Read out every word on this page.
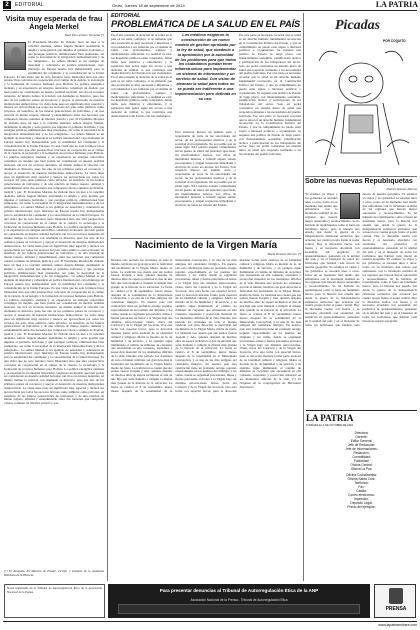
2	EDITORIAL	Oruro, Jueves 18 de septiembre de 2014	LA PATRIA
Visita muy esperada de frau Ángela Merkel
Raúl Pino-Ichazo Terrazas (*)
El Presidente Morales ha visitado hace un mes a la canciller alemana, señora Ángela Merkel, atendiendo la amplia y seria gestión que impulsa el gobierno boliviano y que persigue políticas, eliminaciones bien planteadas, así como la necesidad de la integración latinoamericana y de los refugiados... La señora Merkel es un ejemplo de tenacidad y coherencia en política internacional, cuyo liderazgo en Europa resulta hoy indispensable para la estabilidad del continente y la consolidación de la Unión Europea. Es una visita que no solo fortalece lazos bilaterales sino que abre perspectivas concretas de cooperación en el campo de la ciencia, la tecnología y la formación de recursos humanos para Bolivia. La política energética alemana y su experiencia en energías renovables constituye un modelo que bien podría ser considerado en nuestra realidad nacional, tan rica en recursos naturales. Al mismo tiempo la relación con Alemania es histórica, pues fue uno de los primeros países en reconocer y apoyar el desarrollo de nuestras instituciones democráticas. La visita tiene pues un significado muy especial y merece ser aprovechada por todos los sectores del país, tanto públicos como privados, en beneficio de las futuras generaciones de bolivianos y de una relación de mutuo respeto, amistad y entendimiento entre dos naciones que comparten valores comunes de libertad, justicia y paz. El Presidente Morales ha visitado hace un mes a la canciller alemana, señora Ángela Merkel, atendiendo la amplia y seria gestión que impulsa el gobierno boliviano y que persigue políticas, eliminaciones bien planteadas, así como la necesidad de la integración latinoamericana y de los refugiados... La señora Merkel es un ejemplo de tenacidad y coherencia en política internacional, cuyo liderazgo en Europa resulta hoy indispensable para la estabilidad del continente y la consolidación de la Unión Europea. Es una visita que no solo fortalece lazos bilaterales sino que abre perspectivas concretas de cooperación en el campo de la ciencia, la tecnología y la formación de recursos humanos para Bolivia. La política energética alemana y su experiencia en energías renovables constituye un modelo que bien podría ser considerado en nuestra realidad nacional, tan rica en recursos naturales. Al mismo tiempo la relación con Alemania es histórica, pues fue uno de los primeros países en reconocer y apoyar el desarrollo de nuestras instituciones democráticas. La visita tiene pues un significado muy especial y merece ser aprovechada por todos los sectores del país, tanto públicos como privados, en beneficio de las futuras generaciones de bolivianos y de una relación de mutuo respeto, amistad y entendimiento entre dos naciones que comparten valores comunes de libertad, justicia y paz. El Presidente Morales ha visitado hace un mes a la canciller alemana, señora Ángela Merkel, atendiendo la amplia y seria gestión que impulsa el gobierno boliviano y que persigue políticas, eliminaciones bien planteadas, así como la necesidad de la integración latinoamericana y de los refugiados... La señora Merkel es un ejemplo de tenacidad y coherencia en política internacional, cuyo liderazgo en Europa resulta hoy indispensable para la estabilidad del continente y la consolidación de la Unión Europea. Es una visita que no solo fortalece lazos bilaterales sino que abre perspectivas concretas de cooperación en el campo de la ciencia, la tecnología y la formación de recursos humanos para Bolivia. La política energética alemana y su experiencia en energías renovables constituye un modelo que bien podría ser considerado en nuestra realidad nacional, tan rica en recursos naturales. Al mismo tiempo la relación con Alemania es histórica, pues fue uno de los primeros países en reconocer y apoyar el desarrollo de nuestras instituciones democráticas. La visita tiene pues un significado muy especial y merece ser aprovechada por todos los sectores del país, tanto públicos como privados, en beneficio de las futuras generaciones de bolivianos y de una relación de mutuo respeto, amistad y entendimiento entre dos naciones que comparten valores comunes de libertad, justicia y paz. El Presidente Morales ha visitado hace un mes a la canciller alemana, señora Ángela Merkel, atendiendo la amplia y seria gestión que impulsa el gobierno boliviano y que persigue políticas, eliminaciones bien planteadas, así como la necesidad de la integración latinoamericana y de los refugiados... La señora Merkel es un ejemplo de tenacidad y coherencia en política internacional, cuyo liderazgo en Europa resulta hoy indispensable para la estabilidad del continente y la consolidación de la Unión Europea. Es una visita que no solo fortalece lazos bilaterales sino que abre perspectivas concretas de cooperación en el campo de la ciencia, la tecnología y la formación de recursos humanos para Bolivia. La política energética alemana y su experiencia en energías renovables constituye un modelo que bien podría ser considerado en nuestra realidad nacional, tan rica en recursos naturales. Al mismo tiempo la relación con Alemania es histórica, pues fue uno de los primeros países en reconocer y apoyar el desarrollo de nuestras instituciones democráticas. La visita tiene pues un significado muy especial y merece ser aprovechada por todos los sectores del país, tanto públicos como privados, en beneficio de las futuras generaciones de bolivianos y de una relación de mutuo respeto, amistad y entendimiento entre dos naciones que comparten valores comunes de libertad, justicia y paz. El Presidente Morales ha visitado hace un mes a la canciller alemana, señora Ángela Merkel, atendiendo la amplia y seria gestión que impulsa el gobierno boliviano y que persigue políticas, eliminaciones bien planteadas, así como la necesidad de la integración latinoamericana y de los refugiados... La señora Merkel es un ejemplo de tenacidad y coherencia en política internacional, cuyo liderazgo en Europa resulta hoy indispensable para la estabilidad del continente y la consolidación de la Unión Europea. Es una visita que no solo fortalece lazos bilaterales sino que abre perspectivas concretas de cooperación en el campo de la ciencia, la tecnología y la formación de recursos humanos para Bolivia. La política energética alemana y su experiencia en energías renovables constituye un modelo que bien podría ser considerado en nuestra realidad nacional, tan rica en recursos naturales. Al mismo tiempo la relación con Alemania es histórica, pues fue uno de los primeros países en reconocer y apoyar el desarrollo de nuestras instituciones democráticas. La visita tiene pues un significado muy especial y merece ser aprovechada por todos los sectores del país, tanto públicos como privados, en beneficio de las futuras generaciones de bolivianos y de una relación de mutuo respeto, amistad y entendimiento entre dos naciones que comparten valores comunes de libertad, justicia y paz.
(*) Es Abogado, Ex Ministro de Estado, escritor y miembro de la Academia Boliviana de la Historia.
EDITORIAL
PROBLEMÁTICA DE LA SALUD EN EL PAÍS
En el año presente la atención de la salud en el país es un tema complejo, si se entiende que una prestación es muy necesaria e imperiosa y con tendencias a ser cubiertas por el sistema de salud, con profesionales, equipos y medicamentos suficientes. La realidad es otra: los hospitales públicos están colapsados, faltan ítems para médicos y enfermeras, y la población más pobre sigue sin acceso a una atención de calidad, lo que constituye una deuda histórica del Estado con sus ciudadanos. En el año presente la atención de la salud en el país es un tema complejo, si se entiende que una prestación es muy necesaria e imperiosa y con tendencias a ser cubiertas por el sistema de salud, con profesionales, equipos y medicamentos suficientes. La realidad es otra: los hospitales públicos están colapsados, faltan ítems para médicos y enfermeras, y la población más pobre sigue sin acceso a una atención de calidad, lo que constituye una deuda histórica del Estado con sus ciudadanos.
Los médicos exigieron la construcción de un nuevo modelo de gestión aprobado por la ley de salud, que obedeció a la aprobación por la autoridad de los problemas para que todos los ciudadanos puedan tener infraestructura para implementar un sistema de información y un servicio de salud. Con visión de alcanzar la salud para todos no se pueda ser indiferente a una implementación pero definida en su uso.
Esta situación merece un análisis serio y responsable de parte de las autoridades del sector, de los profesionales médicos y de la sociedad civil organizada. No es posible que en pleno siglo XXI todavía existan comunidades sin un puesto de salud, sin personal capacitado, sin medicamentos básicos. Las cifras de mortalidad materna e infantil siguen siendo preocupantes y exigen respuestas inmediatas y efectivas de todos los niveles del Estado. Esta situación merece un análisis serio y responsable de parte de las autoridades del sector, de los profesionales médicos y de la sociedad civil organizada. No es posible que en pleno siglo XXI todavía existan comunidades sin un puesto de salud, sin personal capacitado, sin medicamentos básicos. Las cifras de mortalidad materna e infantil siguen siendo preocupantes y exigen respuestas inmediatas y efectivas de todos los niveles del Estado.
Por otra parte es necesario recordar que la salud es un derecho humano fundamental reconocido en la Constitución Política del Estado, y que su cumplimiento no puede estar sujeto a intereses políticos o coyunturales. Se requiere una política de Estado de largo plazo, con financiamiento sostenible, planificación técnica y participación de los trabajadores del sector. Solo así podrá construirse un sistema único de salud que responda realmente a las necesidades del pueblo boliviano. Por otra parte es necesario recordar que la salud es un derecho humano fundamental reconocido en la Constitución Política del Estado, y que su cumplimiento no puede estar sujeto a intereses políticos o coyunturales. Se requiere una política de Estado de largo plazo, con financiamiento sostenible, planificación técnica y participación de los trabajadores del sector. Solo así podrá construirse un sistema único de salud que responda realmente a las necesidades del pueblo boliviano. Por otra parte es necesario recordar que la salud es un derecho humano fundamental reconocido en la Constitución Política del Estado, y que su cumplimiento no puede estar sujeto a intereses políticos o coyunturales. Se requiere una política de Estado de largo plazo, con financiamiento sostenible, planificación técnica y participación de los trabajadores del sector. Solo así podrá construirse un sistema único de salud que responda realmente a las necesidades del pueblo boliviano.
Picadas
POR COQUITO
Sobre las nuevas Republiquetas
Ramiro Ramos Ramos
Ya estamos ya viejos y los gobiernos se suceden unos a otros, todos en su momento han tenido que enfrentarse con la incómoda realidad de las regiones que buscan mayor autonomía y reconocimiento. Se ha hablado de republiquetas como si fuera un fenómeno nuevo, pero la historia nos enseña que desde la guerra de la independencia existieron territorios que actuaron por cuenta propia frente al poder central. Hoy la discusión vuelve con fuerza y es necesario abordarla con serenidad, sin prejuicios ni apasionamientos, pensando en la unidad del país y en el bienestar de todos los bolivianos que habitan cada rincón de nuestra geografía. Ya estamos ya viejos y los gobiernos se suceden unos a otros, todos en su momento han tenido que enfrentarse con la incómoda realidad de las regiones que buscan mayor autonomía y reconocimiento. Se ha hablado de republiquetas como si fuera un fenómeno nuevo, pero la historia nos enseña que desde la guerra de la independencia existieron territorios que actuaron por cuenta propia frente al poder central. Hoy la discusión vuelve con fuerza y es necesario abordarla con serenidad, sin prejuicios ni apasionamientos, pensando en la unidad del país y en el bienestar de todos los bolivianos que habitan cada rincón de nuestra geografía. Ya estamos ya viejos y los gobiernos se suceden unos a otros, todos en su momento han tenido que enfrentarse con la incómoda realidad de las regiones que buscan mayor autonomía y reconocimiento. Se ha hablado de republiquetas como si fuera un fenómeno nuevo, pero la historia nos enseña que desde la guerra de la independencia existieron territorios que actuaron por cuenta propia frente al poder central. Hoy la discusión vuelve con fuerza y es necesario abordarla con serenidad, sin prejuicios ni apasionamientos, pensando en la unidad del país y en el bienestar de todos los bolivianos que habitan cada rincón de nuestra geografía. Ya estamos ya viejos y los gobiernos se suceden unos a otros, todos en su momento han tenido que enfrentarse con la incómoda realidad de las regiones que buscan mayor autonomía y reconocimiento. Se ha hablado de republiquetas como si fuera un fenómeno nuevo, pero la historia nos enseña que desde la guerra de la independencia existieron territorios que actuaron por cuenta propia frente al poder central. Hoy la discusión vuelve con fuerza y es necesario abordarla con serenidad, sin prejuicios ni apasionamientos, pensando en la unidad del país y en el bienestar de todos los bolivianos que habitan cada rincón de nuestra geografía.
Nacimiento de la Virgen María
Maria Rosario Alcocer (*)
Durante este período los cristianos en todo el mundo celebran con gran devoción la festividad del nacimiento de la Virgen María, madre de Jesús. La tradición nos cuenta que sus padres fueron Joaquín y Ana, quienes después de muchos años de espera recibieron el don de una hija que sería llamada a cumplir la misión más grande de la historia de la salvación. La fiesta se celebra el 8 de septiembre, nueve meses después de la solemnidad de la Inmaculada Concepción, y es una de las más antiguas del calendario litúrgico. En nuestro país esta celebración tiene un profundo arraigo popular, especialmente en los pueblos del altiplano y los valles, donde se organizan procesiones, misas y fiestas patronales en honor a la Virgen bajo sus distintas advocaciones. Oruro, tierra del Carnaval y de la Virgen del Socavón, vive esta fecha con especial fervor, pues la devoción mariana forma parte esencial de su identidad cultural y religiosa. María es modelo de fe, de humildad y de servicio, y su ejemplo sigue iluminando el camino de millones de creyentes que encuentran en ella consuelo, esperanza y protección maternal en los momentos difíciles de la vida. Durante este período los cristianos en todo el mundo celebran con gran devoción la festividad del nacimiento de la Virgen María, madre de Jesús. La tradición nos cuenta que sus padres fueron Joaquín y Ana, quienes después de muchos años de espera recibieron el don de una hija que sería llamada a cumplir la misión más grande de la historia de la salvación. La fiesta se celebra el 8 de septiembre, nueve meses después de la solemnidad de la Inmaculada Concepción, y es una de las más antiguas del calendario litúrgico. En nuestro país esta celebración tiene un profundo arraigo popular, especialmente en los pueblos del altiplano y los valles, donde se organizan procesiones, misas y fiestas patronales en honor a la Virgen bajo sus distintas advocaciones. Oruro, tierra del Carnaval y de la Virgen del Socavón, vive esta fecha con especial fervor, pues la devoción mariana forma parte esencial de su identidad cultural y religiosa. María es modelo de fe, de humildad y de servicio, y su ejemplo sigue iluminando el camino de millones de creyentes que encuentran en ella consuelo, esperanza y protección maternal en los momentos difíciles de la vida. Durante este período los cristianos en todo el mundo celebran con gran devoción la festividad del nacimiento de la Virgen María, madre de Jesús. La tradición nos cuenta que sus padres fueron Joaquín y Ana, quienes después de muchos años de espera recibieron el don de una hija que sería llamada a cumplir la misión más grande de la historia de la salvación. La fiesta se celebra el 8 de septiembre, nueve meses después de la solemnidad de la Inmaculada Concepción, y es una de las más antiguas del calendario litúrgico. En nuestro país esta celebración tiene un profundo arraigo popular, especialmente en los pueblos del altiplano y los valles, donde se organizan procesiones, misas y fiestas patronales en honor a la Virgen bajo sus distintas advocaciones. Oruro, tierra del Carnaval y de la Virgen del Socavón, vive esta fecha con especial fervor, pues la devoción mariana forma parte esencial de su identidad cultural y religiosa. María es modelo de fe, de humildad y de servicio, y su ejemplo sigue iluminando el camino de millones de creyentes que encuentran en ella consuelo, esperanza y protección maternal en los momentos difíciles de la vida. Durante este período los cristianos en todo el mundo celebran con gran devoción la festividad del nacimiento de la Virgen María, madre de Jesús. La tradición nos cuenta que sus padres fueron Joaquín y Ana, quienes después de muchos años de espera recibieron el don de una hija que sería llamada a cumplir la misión más grande de la historia de la salvación. La fiesta se celebra el 8 de septiembre, nueve meses después de la solemnidad de la Inmaculada Concepción, y es una de las más antiguas del calendario litúrgico. En nuestro país esta celebración tiene un profundo arraigo popular, especialmente en los pueblos del altiplano y los valles, donde se organizan procesiones, misas y fiestas patronales en honor a la Virgen bajo sus distintas advocaciones. Oruro, tierra del Carnaval y de la Virgen del Socavón, vive esta fecha con especial fervor, pues la devoción mariana forma parte esencial de su identidad cultural y religiosa. María es modelo de fe, de humildad y de servicio, y su ejemplo sigue iluminando el camino de millones de creyentes que encuentran en ella consuelo, esperanza y protección maternal en los momentos difíciles de la vida. (*) Es religiosa de la congregación de Hermanas Dominicas.
LA PATRIA
FUNDADA EL 4 DE OCTUBRE DE 1919
Directora:
Gerente:
Editor General:
Jefe de Redacción:
Jefe de Informaciones:
Redacción:
Contabilidad:
Publicidad:
Oficina Central:
Oficina La Paz:
Oficina Cochabamba:
Oficina Santa Cruz:
Teléfonos:
Fax:
Casilla:
Correo electrónico:
Impresión:
Depósito Legal:
Precio del ejemplar:
Para presentar denuncias al Tribunal de Autorregulación Ética de la ANP
Asociación Nacional de la Prensa - Tribunal de Autorregulación Ética
PRENSA
Notas registradas en el Tribunal de Autorregulación Ética de la Asociación Nacional de la Prensa
www.lapatriaenlinea.com
